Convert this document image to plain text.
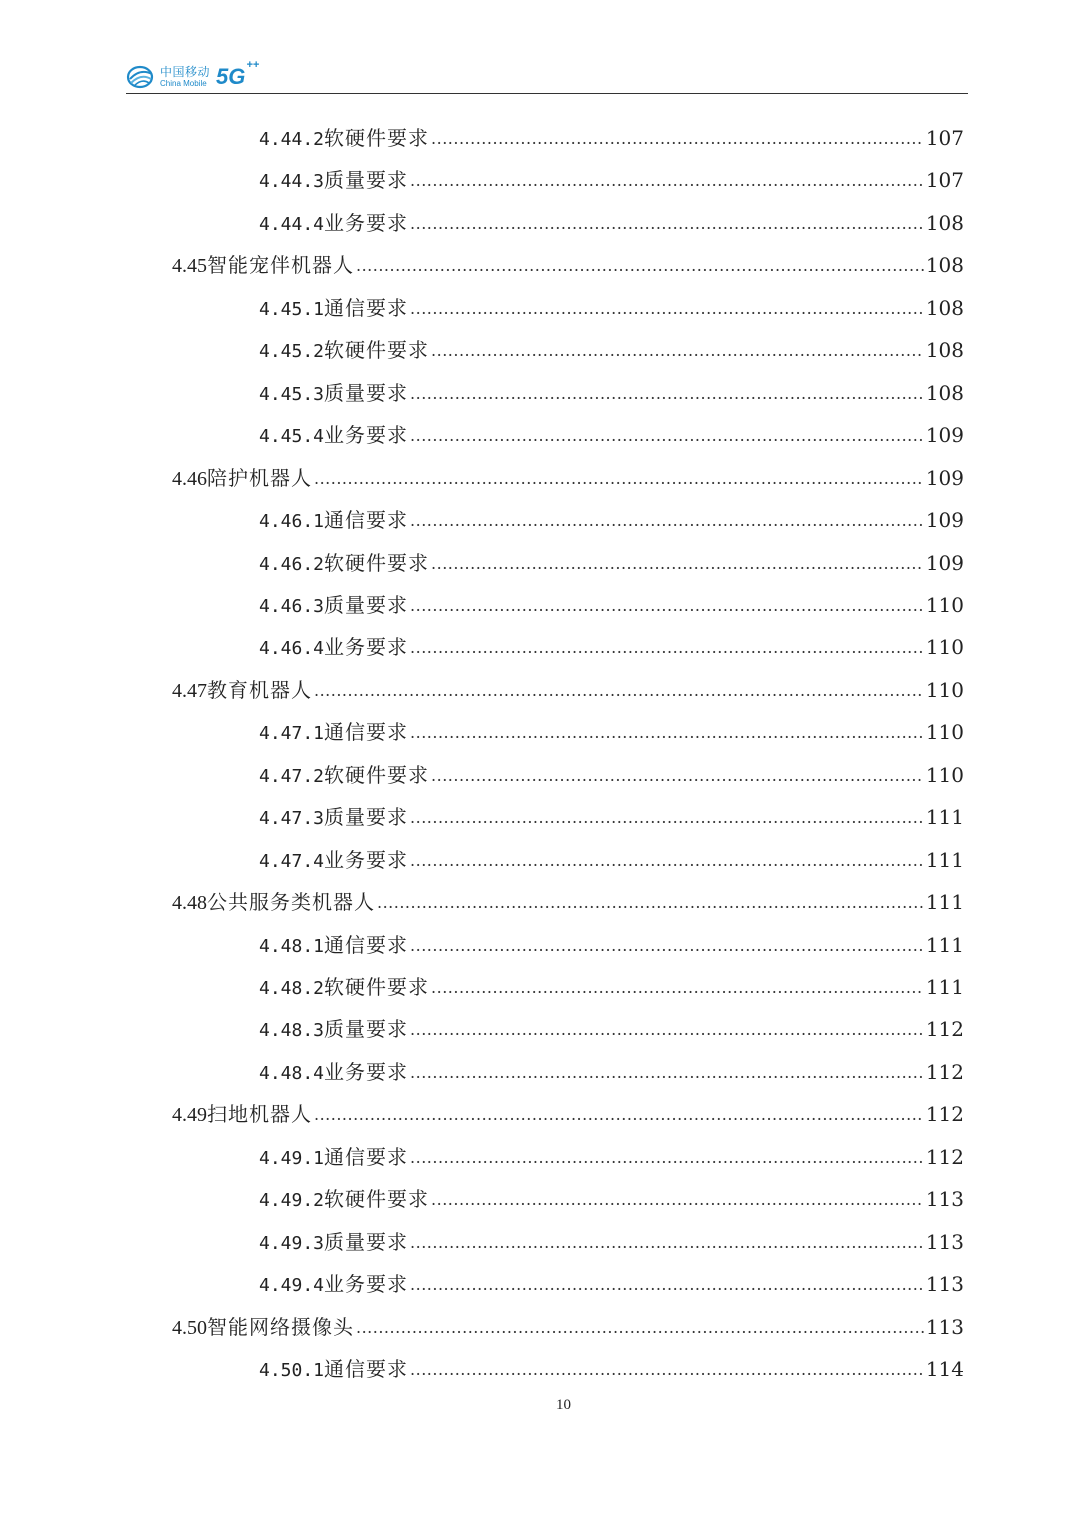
中国移动
China Mobile 5G++
4.44.2 软硬件要求 .....	107
4.44.3 质量要求 .....	107
4.44.4 业务要求 .....	108
4.45 智能宠伴机器人 .....	108
4.45.1 通信要求 .....	108
4.45.2 软硬件要求 .....	108
4.45.3 质量要求 .....	108
4.45.4 业务要求 .....	109
4.46 陪护机器人 .....	109
4.46.1 通信要求 .....	109
4.46.2 软硬件要求 .....	109
4.46.3 质量要求 .....	110
4.46.4 业务要求 .....	110
4.47 教育机器人 .....	110
4.47.1 通信要求 .....	110
4.47.2 软硬件要求 .....	110
4.47.3 质量要求 .....	111
4.47.4 业务要求 .....	111
4.48 公共服务类机器人 .....	111
4.48.1 通信要求 .....	111
4.48.2 软硬件要求 .....	111
4.48.3 质量要求 .....	112
4.48.4 业务要求 .....	112
4.49 扫地机器人 .....	112
4.49.1 通信要求 .....	112
4.49.2 软硬件要求 .....	113
4.49.3 质量要求 .....	113
4.49.4 业务要求 .....	113
4.50 智能网络摄像头 .....	113
4.50.1 通信要求 .....	114
10
